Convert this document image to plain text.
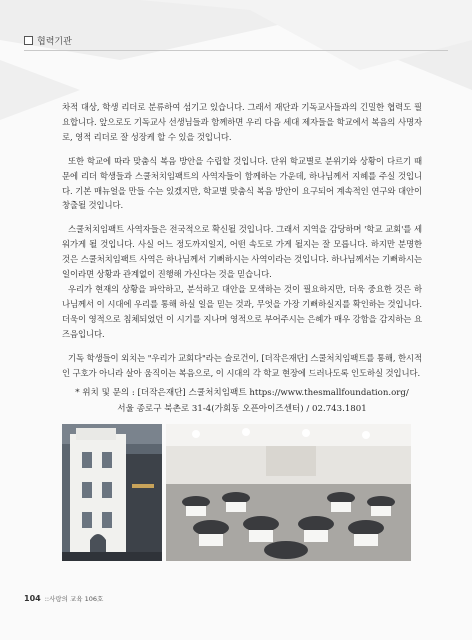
협력기관

차적 대상, 학생 리더로 분류하여 섬기고 있습니다. 그래서 재단과 기독교사들과의 긴밀한 협력도 필요합니다. 앞으로도 기독교사 선생님들과 함께하면 우리 다음 세대 제자들을 학교에서 복음의 사명자로, 영적 리더로 잘 성장케 할 수 있을 것입니다.

또한 학교에 따라 맞춤식 복음 방안을 수립할 것입니다. 단위 학교별로 분위기와 상황이 다르기 때문에 리더 학생들과 스쿨처치임팩트의 사역자들이 함께하는 가운데, 하나님께서 지혜를 주실 것입니다. 기본 매뉴얼을 만들 수는 있겠지만, 학교별 맞춤식 복음 방안이 요구되어 계속적인 연구와 대안이 창출될 것입니다.

스쿨처치임팩트 사역자들은 전국적으로 확신될 것입니다. 그래서 지역을 감당하며 '학교 교회'를 세워가게 될 것입니다. 사실 어느 정도까지일지, 어떤 속도로 가게 될지는 잘 모릅니다. 하지만 분명한 것은 스쿨처치임팩트 사역은 하나님께서 기뻐하시는 사역이라는 것입니다. 하나님께서는 기뻐하시는 일이라면 상황과 관계없이 진행해 가신다는 것을 믿습니다.

우리가 현재의 상황을 파악하고, 분석하고 대안을 모색하는 것이 필요하지만, 더욱 중요한 것은 하나님께서 이 시대에 우리를 통해 하실 일을 믿는 것과, 무엇을 가장 기뻐하실지를 확인하는 것입니다. 더욱이 영적으로 침체되었던 이 시기를 지나며 영적으로 부어주시는 은혜가 매우 강함을 감지하는 요즈음입니다.

기독 학생들이 외치는 "우리가 교회다"라는 슬로건이, [더작은재단] 스쿨처치임팩트를 통해, 한시적인 구호가 아니라 살아 움직이는 복음으로, 이 시대의 각 학교 현장에 드러나도록 인도하실 것입니다.

* 위치 및 문의 : [더작은재단] 스쿨처치임팩트 https://www.thesmallfoundation.org/
서울 종로구 북촌로 31-4(가회동 오픈아이즈센터) / 02.743.1801
104 ::사랑의 교육 106호
